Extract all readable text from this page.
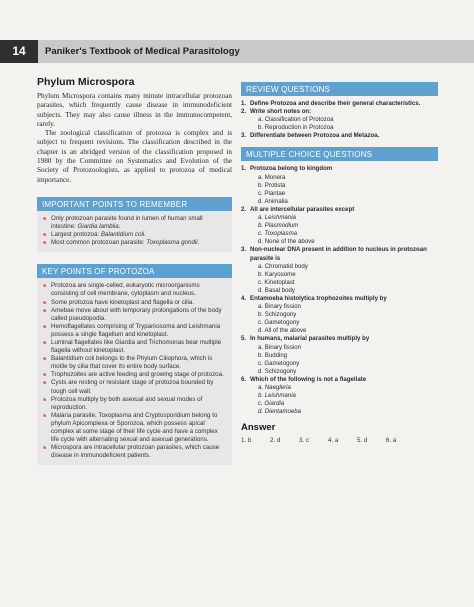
14	Paniker's Textbook of Medical Parasitology
Phylum Microspora

Phylum Microspora contains many minute intracellular protozoan parasites, which frequently cause disease in immunodeficient subjects. They may also cause illness in the immunocompetent, rarely.

The zoological classification of protozoa is complex and is subject to frequent revisions. The classification described in the chapter is an abridged version of the classification proposed in 1980 by the Committee on Systematics and Evolution of the Society of Protozoologists, as applied to protozoa of medical importance.

IMPORTANT POINTS TO REMEMBER
■ Only protozoan parasite found in lumen of human small intestine: Giardia lamblia.
■ Largest protozoa: Balantidium coli.
■ Most common protozoan parasite: Toxoplasma gondii.
KEY POINTS OF PROTOZOA
■ Protozoa are single-celled, eukaryotic microorganisms consisting of cell membrane, cytoplasm and nucleus.
■ Some protozoa have kinetoplast and flagella or cilia.
■ Amebae move about with temporary prolongations of the body called pseudopodia.
■ Hemoflagellates comprising of Trypan\osoma and Leishmania possess a single flagellum and kinetoplast.
■ Luminal flagellates like Giardia and Trichomonas bear multiple flagella without kinetoplast.
■ Balantidium coli belongs to the Phylum Ciliophora, which is motile by cilia that cover its entire body surface.
■ Trophozoites are active feeding and growing stage of protozoa.
■ Cysts are resting or resistant stage of protozoa bounded by tough cell wall.
■ Protozoa multiply by both asexual and sexual modes of reproduction.
■ Malaria parasite, Toxoplasma and Cryptosporidium belong to phylum Apicomplexa or Sporozoa, which possess apical complex at some stage of their life cycle and have a complex life cycle with alternating sexual and asexual generations.
■ Microspora are intracellular protozoan parasites, which cause disease in immunodeficient patients.
REVIEW QUESTIONS
1. Define Protozoa and describe their general characteristics.
2. Write short notes on:
a. Classification of Protozoa
b. Reproduction in Protozoa
3. Differentiate between Protozoa and Metazoa.
MULTIPLE CHOICE QUESTIONS
1. Protozoa belong to kingdom
a. Monera
b. Protista
c. Plantae
d. Animalia
2. All are intercellular parasites except
a. Leishmania
b. Plasmodium
c. Toxoplasma
d. None of the above
3. Non-nuclear DNA present in addition to nucleus in protozoan parasite is
a. Chromatid body
b. Karyosome
c. Kinetoplast
d. Basal body
4. Entamoeba histolytica trophozoites multiply by
a. Binary fission
b. Schizogony
c. Gametogony
d. All of the above
5. In humans, malarial parasites multiply by
a. Binary fission
b. Budding
c. Gametogony
d. Schizogony
6. Which of the following is not a flagellate
a. Naegleria
b. Leishmania
c. Giardia
d. Dientamoeba
Answer
1. b	2. d	3. c	4. a	5. d	6. a
